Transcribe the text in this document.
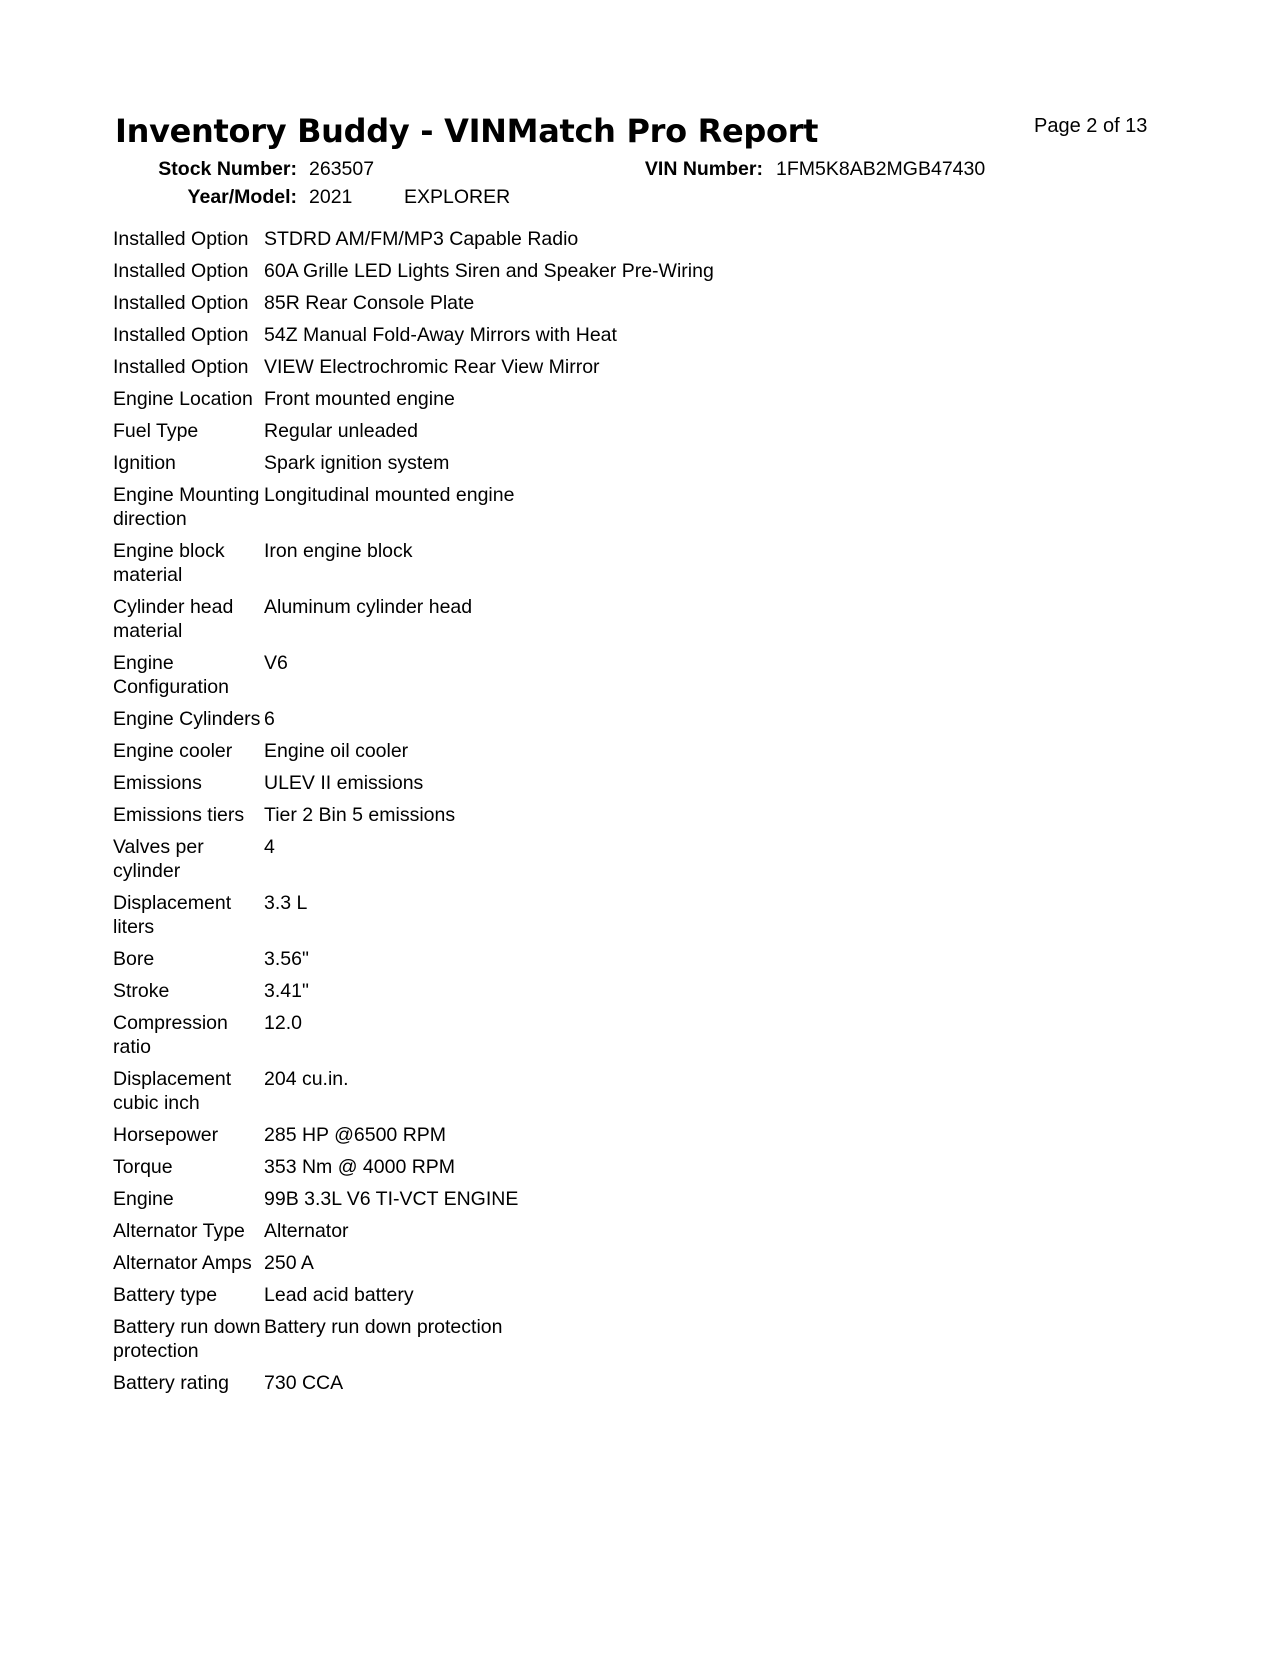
Inventory Buddy - VINMatch Pro Report	Page 2 of 13
Stock Number: 263507
Year/Model: 2021	EXPLORER
VIN Number: 1FM5K8AB2MGB47430
Installed Option	STDRD AM/FM/MP3 Capable Radio
Installed Option	60A Grille LED Lights Siren and Speaker Pre-Wiring
Installed Option	85R Rear Console Plate
Installed Option	54Z Manual Fold-Away Mirrors with Heat
Installed Option	VIEW Electrochromic Rear View Mirror
Engine Location	Front mounted engine
Fuel Type	Regular unleaded
Ignition	Spark ignition system
Engine Mounting direction	Longitudinal mounted engine
Engine block material	Iron engine block
Cylinder head material	Aluminum cylinder head
Engine Configuration	V6
Engine Cylinders	6
Engine cooler	Engine oil cooler
Emissions	ULEV II emissions
Emissions tiers	Tier 2 Bin 5 emissions
Valves per cylinder	4
Displacement liters	3.3 L
Bore	3.56"
Stroke	3.41"
Compression ratio	12.0
Displacement cubic inch	204 cu.in.
Horsepower	285 HP @6500 RPM
Torque	353 Nm @ 4000 RPM
Engine	99B 3.3L V6 TI-VCT ENGINE
Alternator Type	Alternator
Alternator Amps	250 A
Battery type	Lead acid battery
Battery run down protection	Battery run down protection
Battery rating	730 CCA
